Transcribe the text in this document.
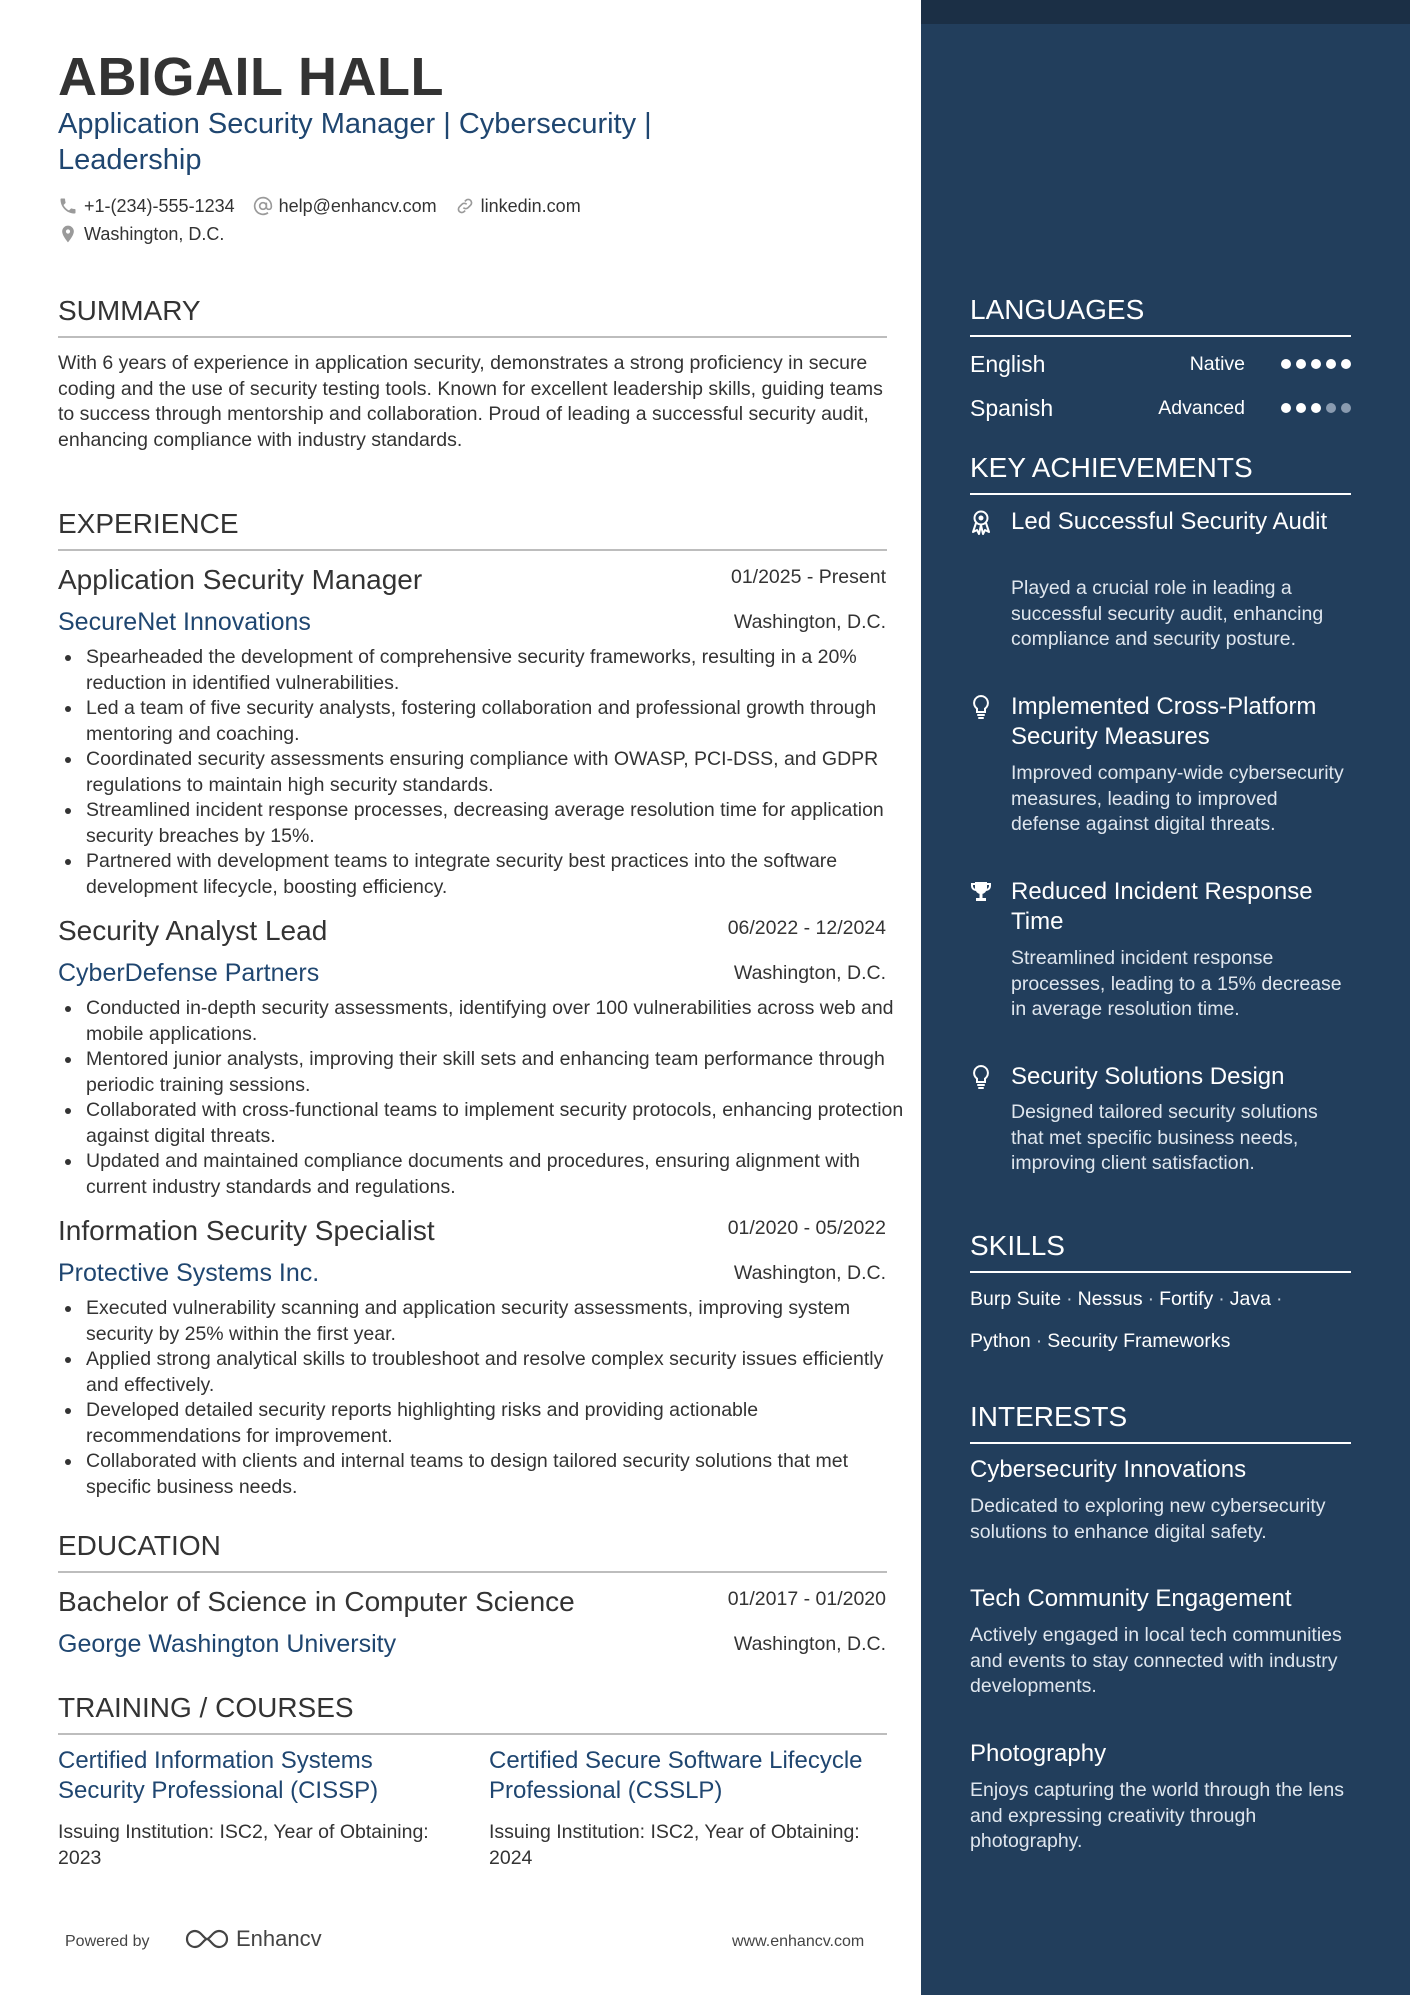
ABIGAIL HALL
Application Security Manager | Cybersecurity |
Leadership
+1-(234)-555-1234 help@enhancv.com linkedin.com
Washington, D.C.
SUMMARY
With 6 years of experience in application security, demonstrates a strong proficiency in secure coding and the use of security testing tools. Known for excellent leadership skills, guiding teams to success through mentorship and collaboration. Proud of leading a successful security audit, enhancing compliance with industry standards.
EXPERIENCE
Application Security Manager	01/2025 - Present
SecureNet Innovations	Washington, D.C.
Spearheaded the development of comprehensive security frameworks, resulting in a 20% reduction in identified vulnerabilities.
Led a team of five security analysts, fostering collaboration and professional growth through mentoring and coaching.
Coordinated security assessments ensuring compliance with OWASP, PCI-DSS, and GDPR regulations to maintain high security standards.
Streamlined incident response processes, decreasing average resolution time for application security breaches by 15%.
Partnered with development teams to integrate security best practices into the software development lifecycle, boosting efficiency.
Security Analyst Lead	06/2022 - 12/2024
CyberDefense Partners	Washington, D.C.
Conducted in-depth security assessments, identifying over 100 vulnerabilities across web and mobile applications.
Mentored junior analysts, improving their skill sets and enhancing team performance through periodic training sessions.
Collaborated with cross-functional teams to implement security protocols, enhancing protection against digital threats.
Updated and maintained compliance documents and procedures, ensuring alignment with current industry standards and regulations.
Information Security Specialist	01/2020 - 05/2022
Protective Systems Inc.	Washington, D.C.
Executed vulnerability scanning and application security assessments, improving system security by 25% within the first year.
Applied strong analytical skills to troubleshoot and resolve complex security issues efficiently and effectively.
Developed detailed security reports highlighting risks and providing actionable recommendations for improvement.
Collaborated with clients and internal teams to design tailored security solutions that met specific business needs.
EDUCATION
Bachelor of Science in Computer Science	01/2017 - 01/2020
George Washington University	Washington, D.C.
TRAINING / COURSES
Certified Information Systems Security Professional (CISSP)
Issuing Institution: ISC2, Year of Obtaining: 2023
Certified Secure Software Lifecycle Professional (CSSLP)
Issuing Institution: ISC2, Year of Obtaining: 2024
Powered by	Enhancv	www.enhancv.com
LANGUAGES
English	Native
Spanish	Advanced
KEY ACHIEVEMENTS
Led Successful Security Audit
Played a crucial role in leading a successful security audit, enhancing compliance and security posture.
Implemented Cross-Platform Security Measures
Improved company-wide cybersecurity measures, leading to improved defense against digital threats.
Reduced Incident Response Time
Streamlined incident response processes, leading to a 15% decrease in average resolution time.
Security Solutions Design
Designed tailored security solutions that met specific business needs, improving client satisfaction.
SKILLS
Burp Suite · Nessus · Fortify · Java ·
Python · Security Frameworks
INTERESTS
Cybersecurity Innovations
Dedicated to exploring new cybersecurity solutions to enhance digital safety.
Tech Community Engagement
Actively engaged in local tech communities and events to stay connected with industry developments.
Photography
Enjoys capturing the world through the lens and expressing creativity through photography.
